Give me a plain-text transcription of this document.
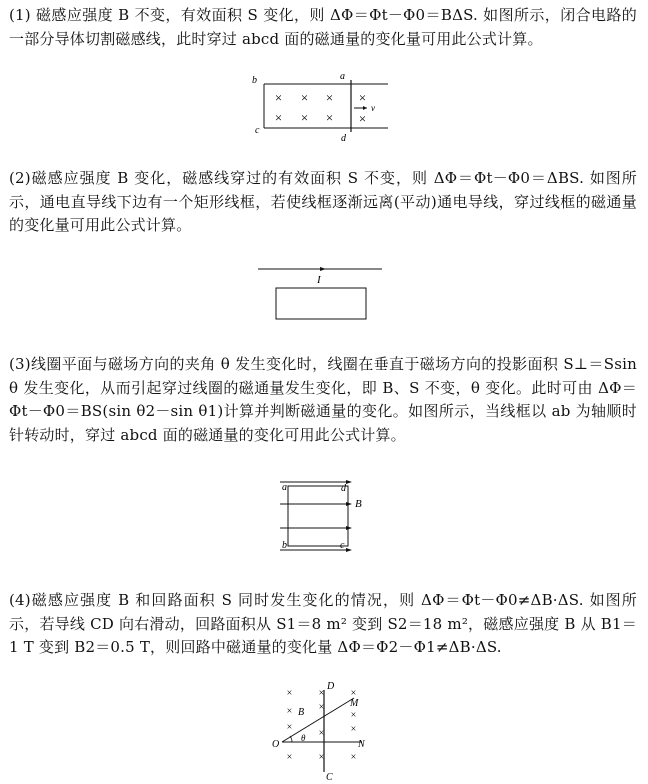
(1) 磁感应强度 B 不变，有效面积 S 变化，则 ΔΦ＝Φt－Φ0＝BΔS. 如图所示，闭合电路的一部分导体切割磁感线，此时穿过 abcd 面的磁通量的变化量可用此公式计算。
a
b
c
d
× × × ×
× × × ×
v
(2)磁感应强度 B 变化，磁感线穿过的有效面积 S 不变，则 ΔΦ＝Φt－Φ0＝ΔBS. 如图所示，通电直导线下边有一个矩形线框，若使线框逐渐远离(平动)通电导线，穿过线框的磁通量的变化量可用此公式计算。
I
(3)线圈平面与磁场方向的夹角 θ 发生变化时，线圈在垂直于磁场方向的投影面积 S⊥＝Ssin θ 发生变化，从而引起穿过线圈的磁通量发生变化，即 B、S 不变，θ 变化。此时可由 ΔΦ＝Φt－Φ0＝BS(sin θ2－sin θ1)计算并判断磁通量的变化。如图所示，当线框以 ab 为轴顺时针转动时，穿过 abcd 面的磁通量的变化可用此公式计算。
a	d
b	c
B
(4)磁感应强度 B 和回路面积 S 同时发生变化的情况，则 ΔΦ＝Φt－Φ0≠ΔB·ΔS. 如图所示，若导线 CD 向右滑动，回路面积从 S1＝8 m² 变到 S2＝18 m²，磁感应强度 B 从 B1＝1 T 变到 B2＝0.5 T，则回路中磁通量的变化量 ΔΦ＝Φ2－Φ1≠ΔB·ΔS.
O
D
C
M
N
B
θ
×	×	×
×	×
×
×
×	×
×	×	×
